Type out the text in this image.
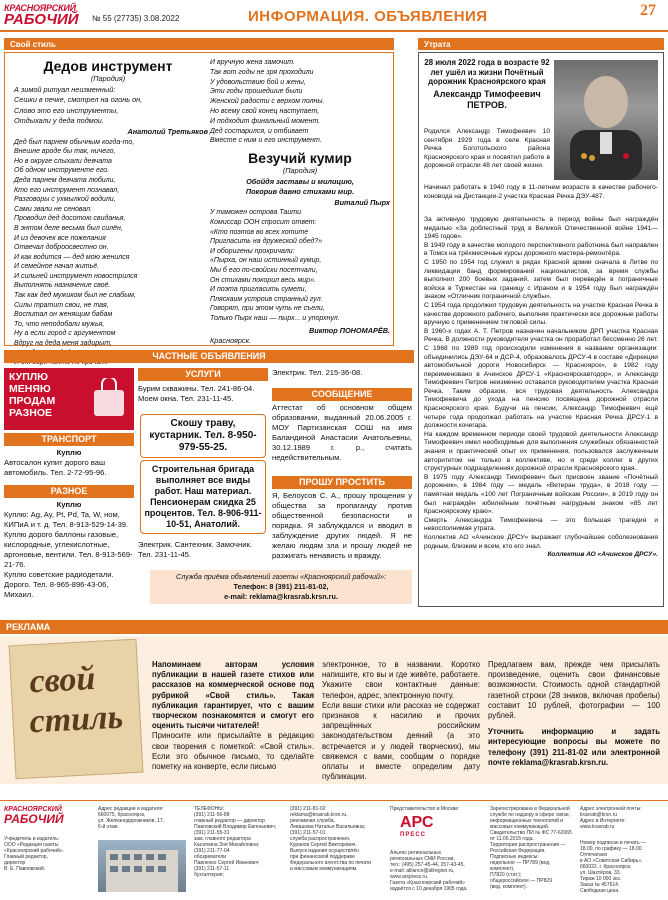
КРАСНОЯРСКИЙ
РАБОЧИЙ	№ 55 (27735) 3.08.2022	ИНФОРМАЦИЯ. ОБЪЯВЛЕНИЯ	27
Свой стиль
Дедов инструмент
(Пародия)
А зимой ритуал неизменный:
Сешки в печке, смотрел на огонь он,
Слово это его инструменты,
Отдыхали у деда подмои.
Анатолий Третьяков
Дед был парнем обычным когда-то,
Внешне вроде бы так, ничего,
Но в округе слыхали девчата
Об одном инструменте его.
Деда парнем девчата любили,
Кто его инструмент познавал,
Разговоры с ухмылкой водили,
Сами звали не сеновал.
Проводил дед досотою свиданья,
В энтом деле весьма был силён,
И из девочек все пожелания
Отвечал доброосвестно он.
И как водится — дед мою женился
И семейное начал житьё.
И сильней инструмент новострился
Выполнять назначение своё.
Так как дед мужиком был не слабым,
Силы тратит свои, не тая,
Воспитал он женящим бабам
То, что неподобали мужья,
Ну а если город с аргументом
Вдруг на деда меня задирыт,

И вручную жена замочит.
Так вот годы не зря проходили
У удовольствию бой и жены,
Эти годы прошедшие были
Женской радости с верхом полны.
Но всему свой конец наступает,
И подходит финальный момент.
Дед состарился, и отбивает
Вместе с ним и его инструмент.
Везучий кумир
(Пародия)
Обойдя заставы и милицию,
Покорив давно стихами мир.
Виталий Пырх
У таможен острова Таити
Комиссар ООН спросит ответ:
«Кто поэтов во всех хотите
Пригласить на дружеской обед?»
И оборигены прокричали:
«Пырха, он наш истинный кумир,
Мы б его по-свойски посетчали,
Он стихами покорил весь мир».
И поэта пригласить сумели,
Пляскаим устроив странный гул.
Говорят, при этом чуть не съели,
Только Пырх наш — пырх... и упорхнул.
Виктор ПОНОМАРЁВ.
Красноярск.
Утрата
28 июля 2022 года в возрасте 92 лет ушёл из жизни Почётный дорожник Красноярского края
Александр Тимофеевич ПЕТРОВ.
Родился Александр Тимофеевич 10 сентября 1929 года в селе Красная Речка Боготольского района Красноярского края и посвятил работе в дорожной отрасли 48 лет своей жизни.
Начинал работать в 1940 году в 11-летнем возрасте в качестве рабочего-коновода на Дистанции-2 участка Красная Речка ДЭУ-487.

За активную трудовую деятельность в период войны был награждён медалью «За доблестный труд в Великой Отечественной войне 1941—1945 годов».

В 1949 году в качестве молодого перспективного работника был направлен в Томск на трёхмесячные курсы дорожного мастера-ремонтёра.

С 1950 по 1954 год служил в рядах Красной армии сначала в Литве по ликвидации банд формирований националистов, за время службы выполнил 200 боевых заданий, затем был переведён в пограничные войска в Туркестан на границу с Ираном и в 1954 году был награждён знаком «Отличник пограничной службы».

С 1954 года продолжил трудовую деятельность на участке Красная Речка в качестве дорожного рабочего, выполняя практически все дорожные работы вручную с применением тягловой силы.

В 1960-х годах А. Т. Петров назначен начальником ДРП участка Красная Речка. В должности руководителя участка он проработал бессменно 26 лет. С 1968 по 1989 год происходили изменения в названии организации: объединились ДЭУ-64 и ДСР-4, образовалось ДРСУ-4 в составе «Дирекции автомобильной дороги Новосибирск — Красноярск», в 1982 году переименовано в Ачинское ДРСУ-1 «Красноярскавтодор», и Александр Тимофеевич Петров неизменно оставался руководителем участка Красная Речка. Таким образом, вся трудовая деятельность Александра Тимофеевича до ухода на пенсию посвящена дорожной отрасли Красноярского края. Будучи на пенсии, Александр Тимофеевич ещё четыре года продолжал работать на участке Красная Речка ДРСУ-1 в должности кочегара.

На каждом временном периоде своей трудовой деятельности Александр Тимофеевич имел необходимые для выполнения служебных обязанностей знания и практический опыт их применения, пользовался заслуженным авторитетом не только в коллективе, но и среди коллег в других структурных подразделениях дорожной отрасли Красноярского края.

В 1975 году Александр Тимофеевич был присвоен звание «Почётный дорожник», в 1984 году — медаль «Ветеран труда», в 2018 году — памятная медаль «100 лет Пограничным войскам России», в 2019 году он был награждён юбилейным почётным нагрудным знаком «85 лет Красноярскому краю».

Смерть Александра Тимофеевича — это большая трагедия и невосполнимая утрата.

Коллектив АО «Ачинское ДРСУ» выражает глубочайшее соболезнования родным, близким и всем, кто его знал.

Коллектив АО «Ачинское ДРСУ».

ЧАСТНЫЕ ОБЪЯВЛЕНИЯ
КУПЛЮ
МЕНЯЮ
ПРОДАМ
РАЗНОЕ
ТРАНСПОРТ
Куплю
Автосалон купит дорого ваш автомобиль. Тел. 2-72-95-96.
РАЗНОЕ
Куплю
Куплю: Ag, Ay, Pt, Pd, Ta, W, ном, КИПиА и т. д. Тел. 8-913-529-14-39.
Куплю дорого баллоны газовые, кислородные, углекислотные, аргоновые, вентили. Тел. 8-913-569-21-76.
Куплю советские радиодетали. Дорого. Тел. 8-965-896-43-06, Михаил.
УСЛУГИ
Бурим скважины. Тел. 241-86-04.
Моем окна. Тел. 231-11-45.
Скошу траву, кустарник. Тел. 8-950-979-55-25.
Строительная бригада выполняет все виды работ. Наш материал. Пенсионерам скидка 25 процентов. Тел. 8-906-911-10-51, Анатолий.
Электрик. Сантехник. Замочник. Тел. 231-11-45.
Электрик. Тел. 215-36-08.
СООБЩЕНИЕ
Аттестат об основном общем образовании, выданный 20.06.2005 г. МОУ Партизанская СОШ на имя Баландиной Анастасии Анатольевны, 30.12.1989 г. р., считать недействительным.
ПРОШУ ПРОСТИТЬ
Я, Белоусов С. А., прошу прощения у общества за пропаганду против общественной безопасности и порядка. Я заблуждался и вводил в заблуждение других людей. Я не желаю людям зла и прошу людей не разжигать ненависть и вражду.
Служба приёма объявлений газеты «Красноярский рабочий»:
Телефон: 8 (391) 211-81-02,
e-mail: reklama@krasrab.krsn.ru.
РЕКЛАМА
свой
стиль

Напоминаем авторам условия публикации в нашей газете стихов или рассказов на коммерческой основе под рубрикой «Свой стиль». Такая публикация гарантирует, что с вашим творческом познакомятся и смогут его оценить тысячи читателей!

Приносите или присылайте в редакцию свои творения с пометкой: «Свой стиль». Если это обычное письмо, то сделайте пометку на конверте, если письмо

электронное, то в названии. Коротко напишите, кто вы и где живёте, работаете. Укажите свои контактные данные: телефон, адрес, электронную почту.

Если ваши стихи или рассказ не содержат признаков к насилию и прочих запрещённых российским законодательством деяний (а это встречается и у людей творческих), мы свяжемся с вами, сообщим о порядке оплаты и вместе определим дату публикации.

Предлагаем вам, прежде чем присылать произведение, оценить свои финансовые возможности. Стоимость одной стандартной газетной строки (28 знаков, включая пробелы) составит 10 рублей, фотографии — 100 рублей.

Уточнить информацию и задать интересующие вопросы вы можете по телефону (391) 211-81-02 или электронной почте reklama@krasrab.krsn.ru.

КРАСНОЯРСКИЙ
РАБОЧИЙ
Учредитель и издатель:
ООО «Редакция газеты «Красноярский рабочий».
Главный редактор,
директор
В. Е. Павловский.
Адрес редакции и издателя:
660075, Красноярск,
ул. Железнодорожников, 17,
6-й этаж.
ТЕЛЕФОНЫ:
(391) 211-56-88
главный редактор — директор
Павловский Владимир Евгеньевич;
(391) 211-55-31
зам. главного редактора
Касаткина Зоя Михайловна;
(391) 211-77-04
обозреватели
Павленко Сергей Иванович;
(391) 211-57-11
бухгалтерия;
(391) 211-81-02
reklama@krasrab.krsn.ru,
рекламная служба,
Левашова Наталья Васильевна;
(391) 211-57-01
служба распространения,
Куранов Сергей Викторович.
Выпуск издания осуществлён
при финансовой поддержке
Федерального агентства по печати
и массовым коммуникациям.
Представительство в Москве:
АРС
ПРЕСС
Альянс региональных
региональных СМИ России,
тел.: (495) 257-45-44, 257-43-45,
e-mail: alliance@allregion.ru,
www.arspress.ru.
Газета «Красноярский рабочий»
издаётся с 10 декабря 1905 года.
Зарегистрирована в Федеральной службе по надзору в сфере связи, информационных технологий и массовых коммуникаций.
Свидетельство ПИ № ФС 77-62065 от 11.06.2015 года.
Территория распространения — Российская Федерация.
Подписные индексы:
недельное — ПР789 (вед. комплект),
П7820 (стат.);
общероссийское — ПР829
(вед. комплект).
Адрес электронной почты:
krasrab@krsn.ru
Адрес в Интернете:
www.krasrab.ru
Номер подписан в печать —
18.00, по графику — 18.00.
Отпечатано
в АО «Советская Сибирь»,
660022, г. Красноярск,
ул. Шахтёров, 33.
Тираж 10 000 экз.
Заказ № 457614.
Свободная цена.
